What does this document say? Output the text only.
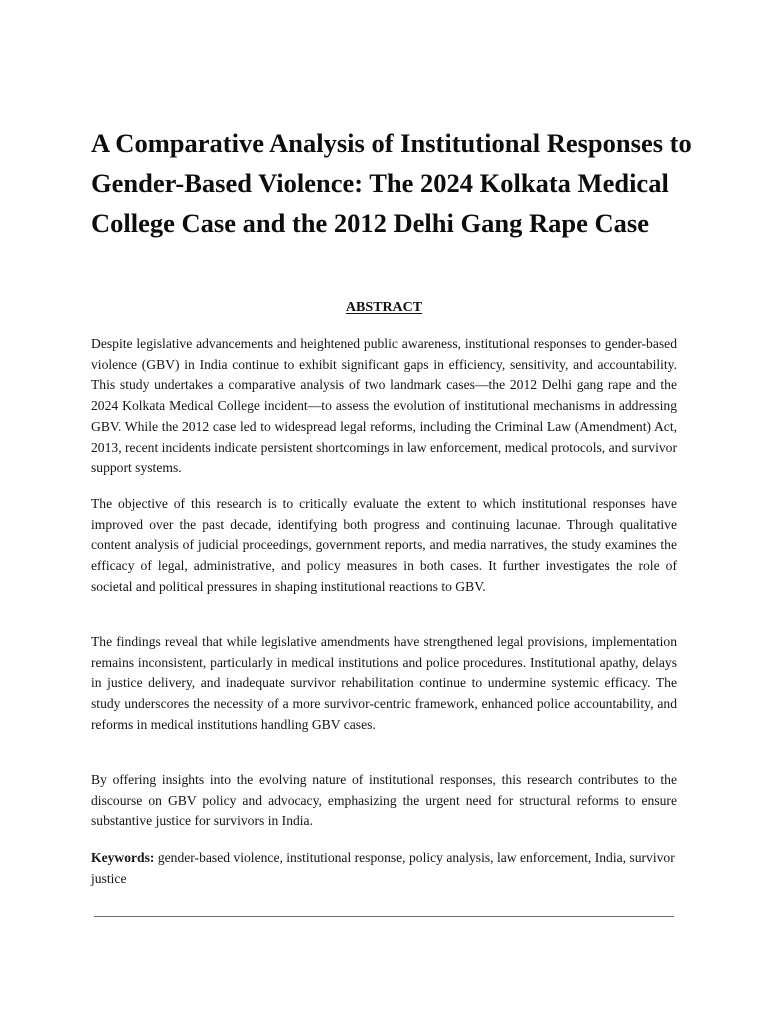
A Comparative Analysis of Institutional Responses to Gender-Based Violence: The 2024 Kolkata Medical College Case and the 2012 Delhi Gang Rape Case
ABSTRACT

Despite legislative advancements and heightened public awareness, institutional responses to gender-based violence (GBV) in India continue to exhibit significant gaps in efficiency, sensitivity, and accountability. This study undertakes a comparative analysis of two landmark cases—the 2012 Delhi gang rape and the 2024 Kolkata Medical College incident—to assess the evolution of institutional mechanisms in addressing GBV. While the 2012 case led to widespread legal reforms, including the Criminal Law (Amendment) Act, 2013, recent incidents indicate persistent shortcomings in law enforcement, medical protocols, and survivor support systems.

The objective of this research is to critically evaluate the extent to which institutional responses have improved over the past decade, identifying both progress and continuing lacunae. Through qualitative content analysis of judicial proceedings, government reports, and media narratives, the study examines the efficacy of legal, administrative, and policy measures in both cases. It further investigates the role of societal and political pressures in shaping institutional reactions to GBV.

The findings reveal that while legislative amendments have strengthened legal provisions, implementation remains inconsistent, particularly in medical institutions and police procedures. Institutional apathy, delays in justice delivery, and inadequate survivor rehabilitation continue to undermine systemic efficacy. The study underscores the necessity of a more survivor-centric framework, enhanced police accountability, and reforms in medical institutions handling GBV cases.

By offering insights into the evolving nature of institutional responses, this research contributes to the discourse on GBV policy and advocacy, emphasizing the urgent need for structural reforms to ensure substantive justice for survivors in India.

Keywords: gender-based violence, institutional response, policy analysis, law enforcement, India, survivor justice
